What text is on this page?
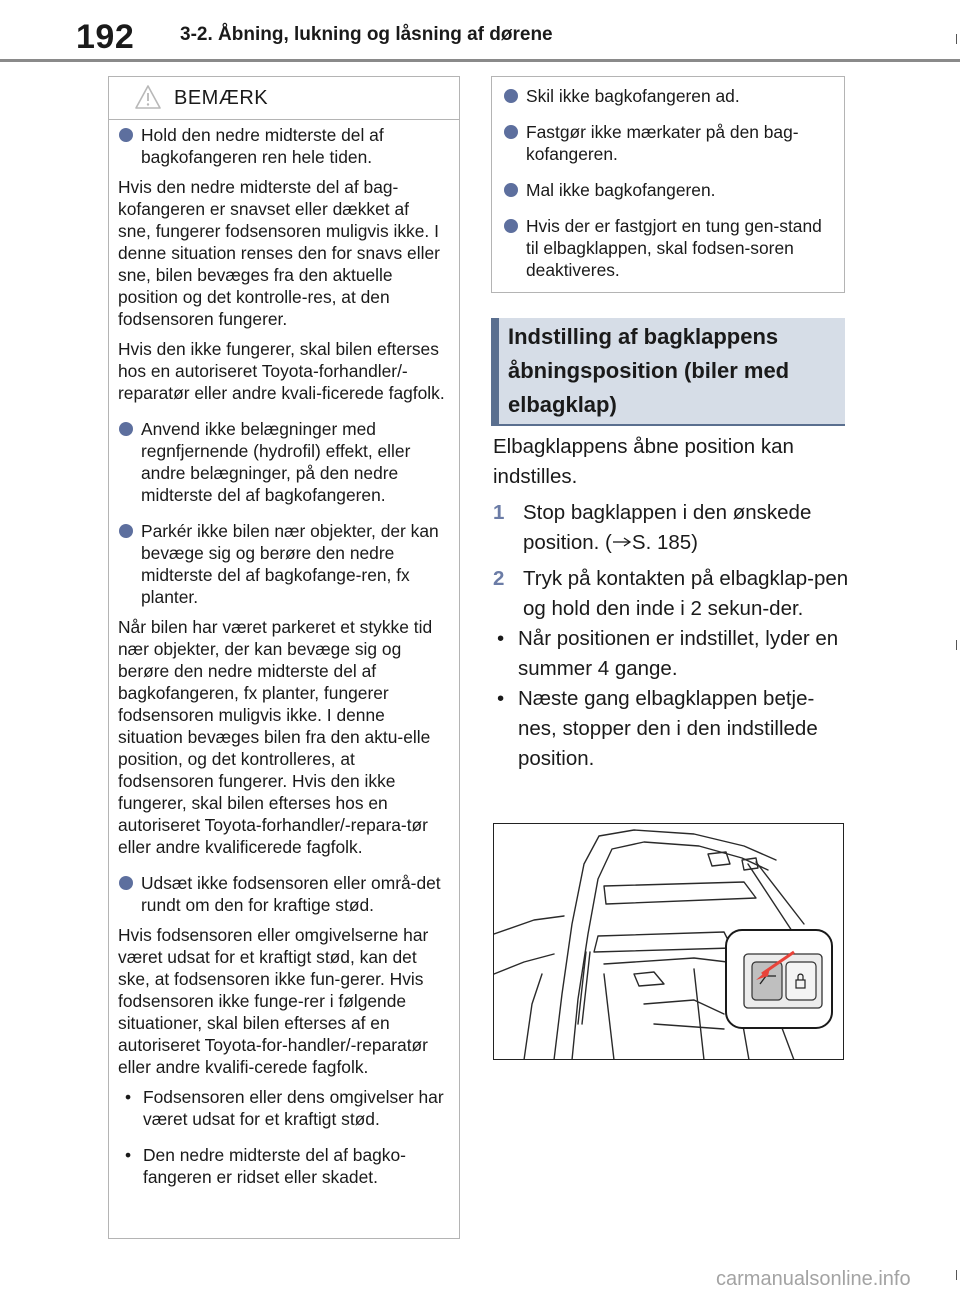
192 3-2. Åbning, lukning og låsning af dørene
BEMÆRK
Hold den nedre midterste del af bagkofangeren ren hele tiden.

Hvis den nedre midterste del af bag-kofangeren er snavset eller dækket af sne, fungerer fodsensoren muligvis ikke. I denne situation renses den for snavs eller sne, bilen bevæges fra den aktuelle position og det kontrolle-res, at den fodsensoren fungerer.

Hvis den ikke fungerer, skal bilen efterses hos en autoriseret Toyota-forhandler/-reparatør eller andre kvali-ficerede fagfolk.

Anvend ikke belægninger med regnfjernende (hydrofil) effekt, eller andre belægninger, på den nedre midterste del af bagkofangeren.
Parkér ikke bilen nær objekter, der kan bevæge sig og berøre den nedre midterste del af bagkofange-ren, fx planter.

Når bilen har været parkeret et stykke tid nær objekter, der kan bevæge sig og berøre den nedre midterste del af bagkofangeren, fx planter, fungerer fodsensoren muligvis ikke. I denne situation bevæges bilen fra den aktu-elle position, og det kontrolleres, at fodsensoren fungerer. Hvis den ikke fungerer, skal bilen efterses hos en autoriseret Toyota-forhandler/-repara-tør eller andre kvalificerede fagfolk.

Udsæt ikke fodsensoren eller områ-det rundt om den for kraftige stød.

Hvis fodsensoren eller omgivelserne har været udsat for et kraftigt stød, kan det ske, at fodsensoren ikke fun-gerer. Hvis fodsensoren ikke funge-rer i følgende situationer, skal bilen efterses af en autoriseret Toyota-for-handler/-reparatør eller andre kvalifi-cerede fagfolk.

• Fodsensoren eller dens omgivelser har været udsat for et kraftigt stød.
• Den nedre midterste del af bagko-fangeren er ridset eller skadet.
Skil ikke bagkofangeren ad.
Fastgør ikke mærkater på den bag-kofangeren.
Mal ikke bagkofangeren.
Hvis der er fastgjort en tung gen-stand til elbagklappen, skal fodsen-soren deaktiveres.
Indstilling af bagklappens åbningsposition (biler med elbagklap)

Elbagklappens åbne position kan indstilles.

1 Stop bagklappen i den ønskede position. ( S. 185)
2 Tryk på kontakten på elbagklap-pen og hold den inde i 2 sekun-der.
• Når positionen er indstillet, lyder en summer 4 gange.
• Næste gang elbagklappen betje-nes, stopper den i den indstillede position.
carmanualsonline.info
